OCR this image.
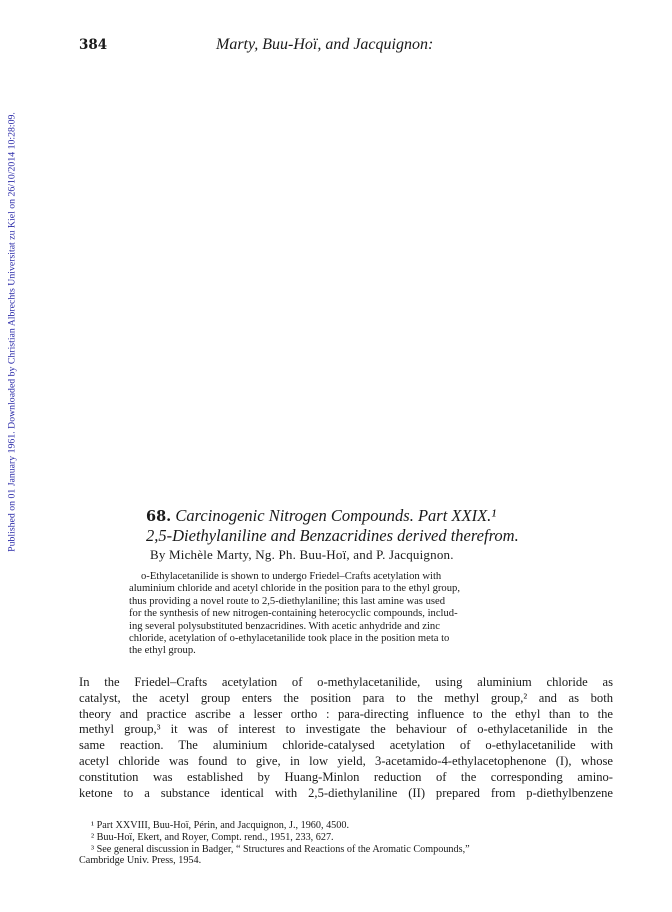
Published on 01 January 1961. Downloaded by Christian Albrechts Universitat zu Kiel on 26/10/2014 10:28:09.
384	Marty, Buu-Hoï, and Jacquignon:
68. Carcinogenic Nitrogen Compounds. Part XXIX.¹
2,5-Diethylaniline and Benzacridines derived therefrom.
By Michèle Marty, Ng. Ph. Buu-Hoï, and P. Jacquignon.
o-Ethylacetanilide is shown to undergo Friedel–Crafts acetylation with
aluminium chloride and acetyl chloride in the position para to the ethyl group,
thus providing a novel route to 2,5-diethylaniline; this last amine was used
for the synthesis of new nitrogen-containing heterocyclic compounds, includ-
ing several polysubstituted benzacridines. With acetic anhydride and zinc
chloride, acetylation of o-ethylacetanilide took place in the position meta to
the ethyl group.
In the Friedel–Crafts acetylation of o-methylacetanilide, using aluminium chloride as
catalyst, the acetyl group enters the position para to the methyl group,² and as both
theory and practice ascribe a lesser ortho : para-directing influence to the ethyl than to the
methyl group,³ it was of interest to investigate the behaviour of o-ethylacetanilide in the
same reaction. The aluminium chloride-catalysed acetylation of o-ethylacetanilide with
acetyl chloride was found to give, in low yield, 3-acetamido-4-ethylacetophenone (I), whose
constitution was established by Huang-Minlon reduction of the corresponding amino-
ketone to a substance identical with 2,5-diethylaniline (II) prepared from p-diethylbenzene
¹ Part XXVIII, Buu-Hoï, Périn, and Jacquignon, J., 1960, 4500.
² Buu-Hoï, Ekert, and Royer, Compt. rend., 1951, 233, 627.
³ See general discussion in Badger, “ Structures and Reactions of the Aromatic Compounds,”
Cambridge Univ. Press, 1954.
